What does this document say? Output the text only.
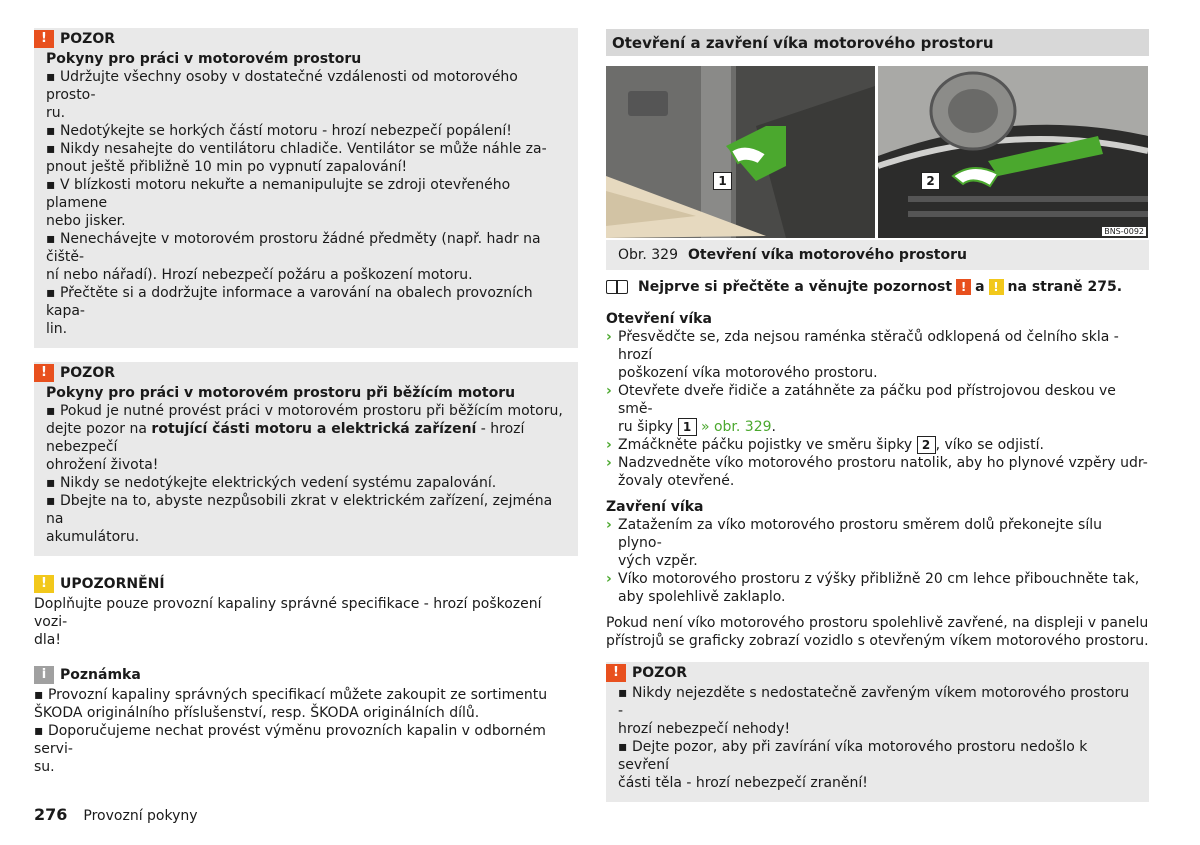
! POZOR
Pokyny pro práci v motorovém prostoru
▪ Udržujte všechny osoby v dostatečné vzdálenosti od motorového prosto-
ru.
▪ Nedotýkejte se horkých částí motoru - hrozí nebezpečí popálení!
▪ Nikdy nesahejte do ventilátoru chladiče. Ventilátor se může náhle za-
pnout ještě přibližně 10 min po vypnutí zapalování!
▪ V blízkosti motoru nekuřte a nemanipulujte se zdroji otevřeného plamene
nebo jisker.
▪ Nenechávejte v motorovém prostoru žádné předměty (např. hadr na čiště-
ní nebo nářadí). Hrozí nebezpečí požáru a poškození motoru.
▪ Přečtěte si a dodržujte informace a varování na obalech provozních kapa-
lin.
! POZOR
Pokyny pro práci v motorovém prostoru při běžícím motoru
▪ Pokud je nutné provést práci v motorovém prostoru při běžícím motoru,
dejte pozor na rotující části motoru a elektrická zařízení - hrozí nebezpečí
ohrožení života!
▪ Nikdy se nedotýkejte elektrických vedení systému zapalování.
▪ Dbejte na to, abyste nezpůsobili zkrat v elektrickém zařízení, zejména na
akumulátoru.
! UPOZORNĚNÍ
Doplňujte pouze provozní kapaliny správné specifikace - hrozí poškození vozi-
dla!
i Poznámka
▪ Provozní kapaliny správných specifikací můžete zakoupit ze sortimentu
ŠKODA originálního příslušenství, resp. ŠKODA originálních dílů.
▪ Doporučujeme nechat provést výměnu provozních kapalin v odborném servi-
su.
Otevření a zavření víka motorového prostoru
1	2
BNS-0092
Obr. 329 Otevření víka motorového prostoru
Nejprve si přečtěte a věnujte pozornost ! a ! na straně 275.
Otevření víka
› Přesvědčte se, zda nejsou raménka stěračů odklopená od čelního skla - hrozí
poškození víka motorového prostoru.
› Otevřete dveře řidiče a zatáhněte za páčku pod přístrojovou deskou ve smě-
ru šipky 1 » obr. 329.
› Zmáčkněte páčku pojistky ve směru šipky 2 , víko se odjistí.
› Nadzvedněte víko motorového prostoru natolik, aby ho plynové vzpěry udr-
žovaly otevřené.
Zavření víka
› Zatažením za víko motorového prostoru směrem dolů překonejte sílu plyno-
vých vzpěr.
› Víko motorového prostoru z výšky přibližně 20 cm lehce přibouchněte tak,
aby spolehlivě zaklaplo.
Pokud není víko motorového prostoru spolehlivě zavřené, na displeji v panelu
přístrojů se graficky zobrazí vozidlo s otevřeným víkem motorového prostoru.
! POZOR
▪ Nikdy nejezděte s nedostatečně zavřeným víkem motorového prostoru -
hrozí nebezpečí nehody!
▪ Dejte pozor, aby při zavírání víka motorového prostoru nedošlo k sevření
části těla - hrozí nebezpečí zranění!
276 Provozní pokyny
